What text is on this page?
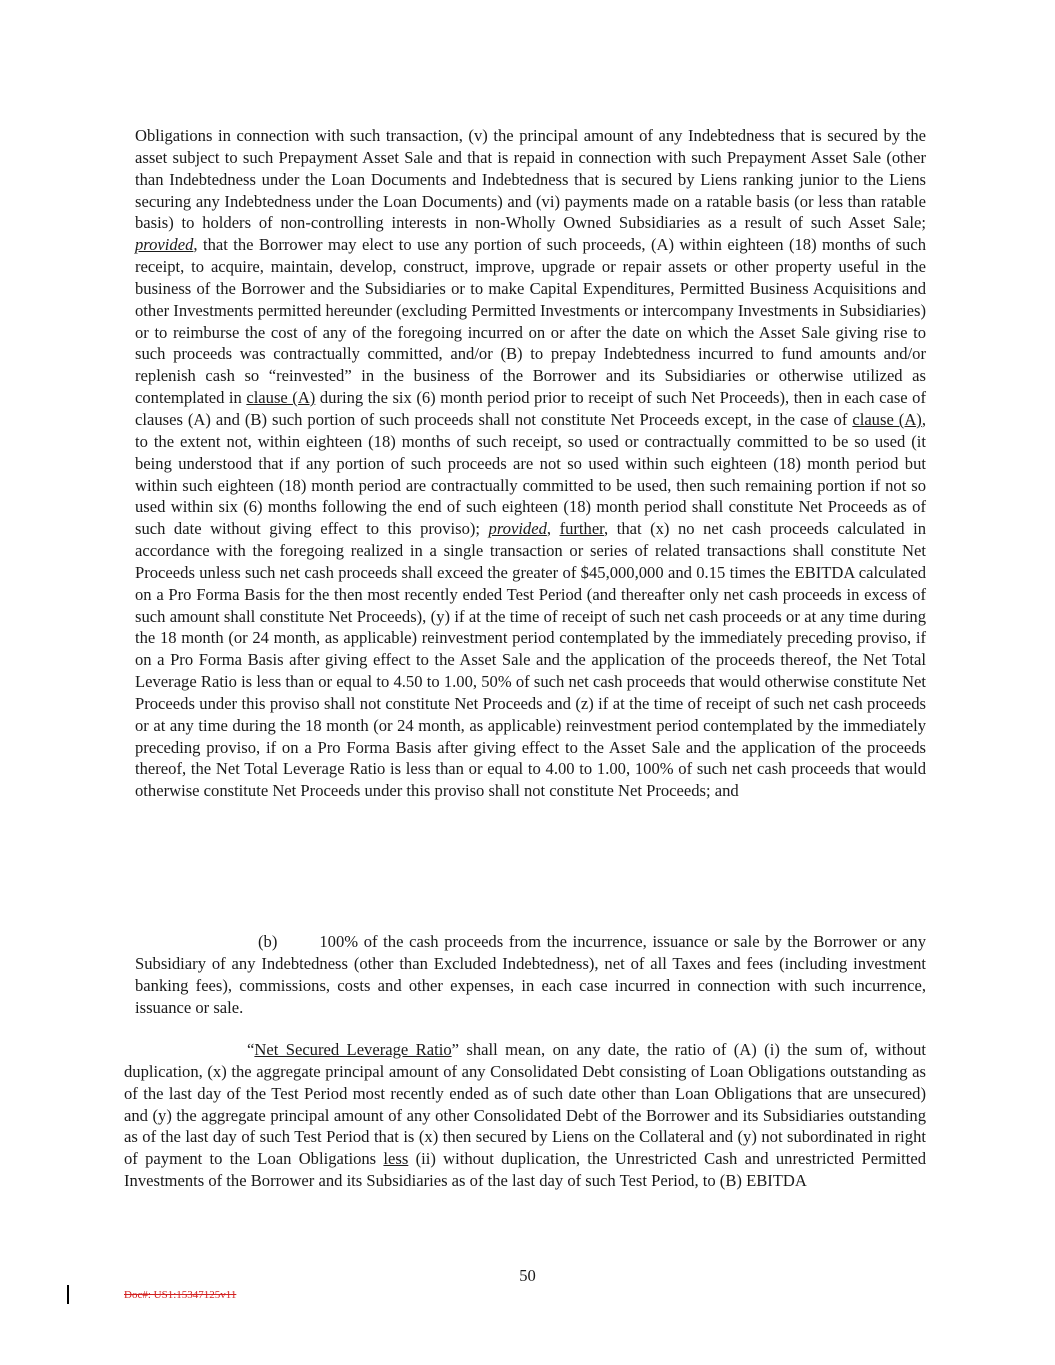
Obligations in connection with such transaction, (v) the principal amount of any Indebtedness that is secured by the asset subject to such Prepayment Asset Sale and that is repaid in connection with such Prepayment Asset Sale (other than Indebtedness under the Loan Documents and Indebtedness that is secured by Liens ranking junior to the Liens securing any Indebtedness under the Loan Documents) and (vi) payments made on a ratable basis (or less than ratable basis) to holders of non-controlling interests in non-Wholly Owned Subsidiaries as a result of such Asset Sale; provided, that the Borrower may elect to use any portion of such proceeds, (A) within eighteen (18) months of such receipt, to acquire, maintain, develop, construct, improve, upgrade or repair assets or other property useful in the business of the Borrower and the Subsidiaries or to make Capital Expenditures, Permitted Business Acquisitions and other Investments permitted hereunder (excluding Permitted Investments or intercompany Investments in Subsidiaries) or to reimburse the cost of any of the foregoing incurred on or after the date on which the Asset Sale giving rise to such proceeds was contractually committed, and/or (B) to prepay Indebtedness incurred to fund amounts and/or replenish cash so “reinvested” in the business of the Borrower and its Subsidiaries or otherwise utilized as contemplated in clause (A) during the six (6) month period prior to receipt of such Net Proceeds), then in each case of clauses (A) and (B) such portion of such proceeds shall not constitute Net Proceeds except, in the case of clause (A), to the extent not, within eighteen (18) months of such receipt, so used or contractually committed to be so used (it being understood that if any portion of such proceeds are not so used within such eighteen (18) month period but within such eighteen (18) month period are contractually committed to be used, then such remaining portion if not so used within six (6) months following the end of such eighteen (18) month period shall constitute Net Proceeds as of such date without giving effect to this proviso); provided, further, that (x) no net cash proceeds calculated in accordance with the foregoing realized in a single transaction or series of related transactions shall constitute Net Proceeds unless such net cash proceeds shall exceed the greater of $45,000,000 and 0.15 times the EBITDA calculated on a Pro Forma Basis for the then most recently ended Test Period (and thereafter only net cash proceeds in excess of such amount shall constitute Net Proceeds), (y) if at the time of receipt of such net cash proceeds or at any time during the 18 month (or 24 month, as applicable) reinvestment period contemplated by the immediately preceding proviso, if on a Pro Forma Basis after giving effect to the Asset Sale and the application of the proceeds thereof, the Net Total Leverage Ratio is less than or equal to 4.50 to 1.00, 50% of such net cash proceeds that would otherwise constitute Net Proceeds under this proviso shall not constitute Net Proceeds and (z) if at the time of receipt of such net cash proceeds or at any time during the 18 month (or 24 month, as applicable) reinvestment period contemplated by the immediately preceding proviso, if on a Pro Forma Basis after giving effect to the Asset Sale and the application of the proceeds thereof, the Net Total Leverage Ratio is less than or equal to 4.00 to 1.00, 100% of such net cash proceeds that would otherwise constitute Net Proceeds under this proviso shall not constitute Net Proceeds; and

(b)	100% of the cash proceeds from the incurrence, issuance or sale by the Borrower or any Subsidiary of any Indebtedness (other than Excluded Indebtedness), net of all Taxes and fees (including investment banking fees), commissions, costs and other expenses, in each case incurred in connection with such incurrence, issuance or sale.

“Net Secured Leverage Ratio” shall mean, on any date, the ratio of (A) (i) the sum of, without duplication, (x) the aggregate principal amount of any Consolidated Debt consisting of Loan Obligations outstanding as of the last day of the Test Period most recently ended as of such date other than Loan Obligations that are unsecured) and (y) the aggregate principal amount of any other Consolidated Debt of the Borrower and its Subsidiaries outstanding as of the last day of such Test Period that is (x) then secured by Liens on the Collateral and (y) not subordinated in right of payment to the Loan Obligations less (ii) without duplication, the Unrestricted Cash and unrestricted Permitted Investments of the Borrower and its Subsidiaries as of the last day of such Test Period, to (B) EBITDA

50
Doc#: US1:15347125v11
